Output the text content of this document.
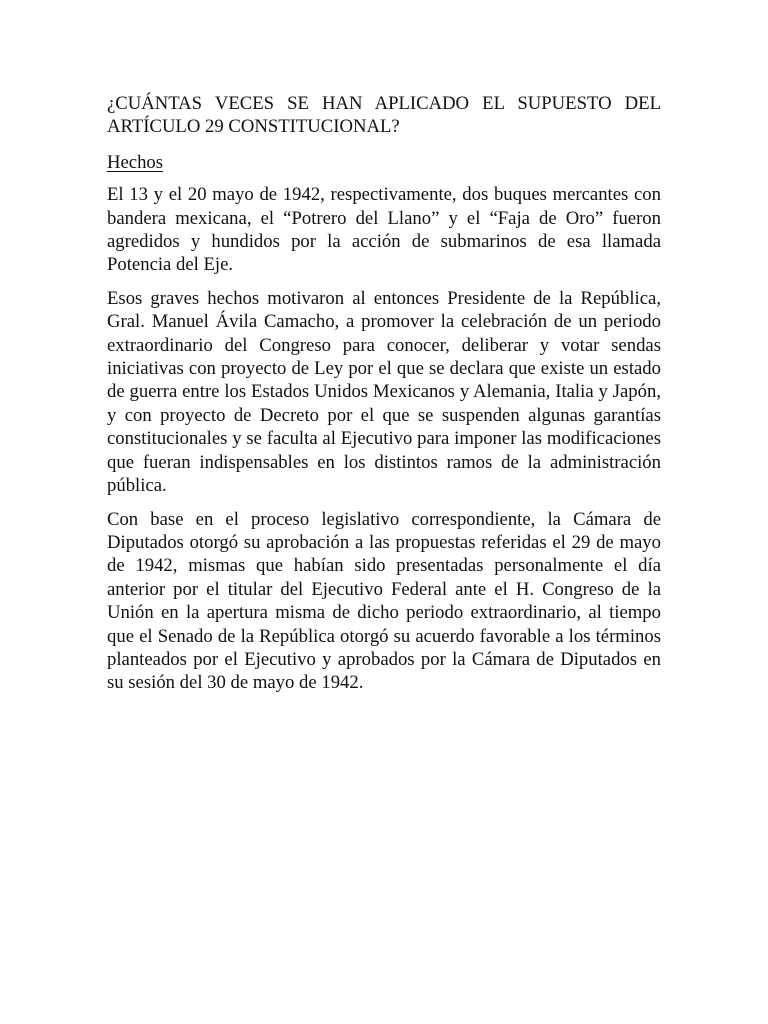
¿CUÁNTAS VECES SE HAN APLICADO EL SUPUESTO DEL ARTÍCULO 29 CONSTITUCIONAL?
Hechos

El 13 y el 20 mayo de 1942, respectivamente, dos buques mercantes con bandera mexicana, el “Potrero del Llano” y el “Faja de Oro” fueron agredidos y hundidos por la acción de submarinos de esa llamada Potencia del Eje.

Esos graves hechos motivaron al entonces Presidente de la República, Gral. Manuel Ávila Camacho, a promover la celebración de un periodo extraordinario del Congreso para conocer, deliberar y votar sendas iniciativas con proyecto de Ley por el que se declara que existe un estado de guerra entre los Estados Unidos Mexicanos y Alemania, Italia y Japón, y con proyecto de Decreto por el que se suspenden algunas garantías constitucionales y se faculta al Ejecutivo para imponer las modificaciones que fueran indispensables en los distintos ramos de la administración pública.

Con base en el proceso legislativo correspondiente, la Cámara de Diputados otorgó su aprobación a las propuestas referidas el 29 de mayo de 1942, mismas que habían sido presentadas personalmente el día anterior por el titular del Ejecutivo Federal ante el H. Congreso de la Unión en la apertura misma de dicho periodo extraordinario, al tiempo que el Senado de la República otorgó su acuerdo favorable a los términos planteados por el Ejecutivo y aprobados por la Cámara de Diputados en su sesión del 30 de mayo de 1942.
